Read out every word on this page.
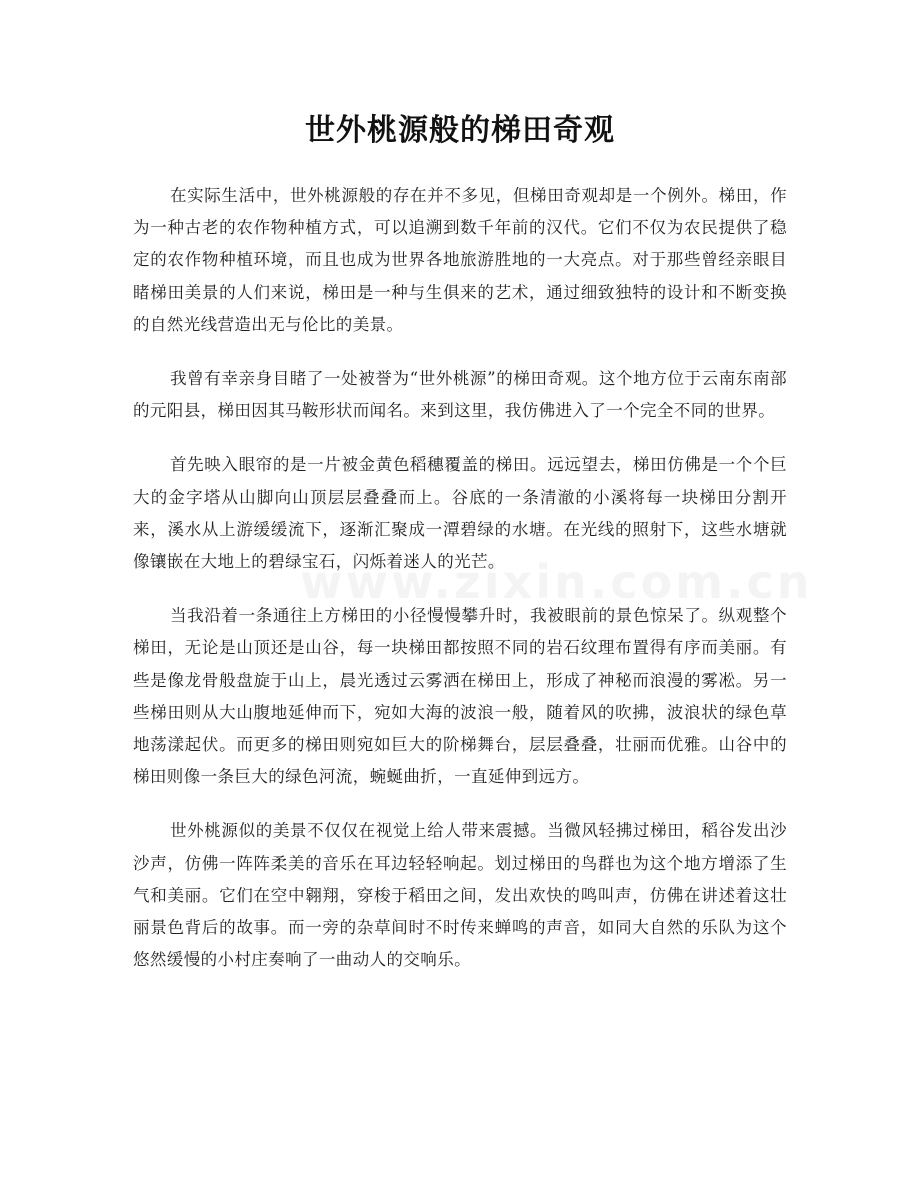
世外桃源般的梯田奇观

在实际生活中，世外桃源般的存在并不多见，但梯田奇观却是一个例外。梯田，作为一种古老的农作物种植方式，可以追溯到数千年前的汉代。它们不仅为农民提供了稳定的农作物种植环境，而且也成为世界各地旅游胜地的一大亮点。对于那些曾经亲眼目睹梯田美景的人们来说，梯田是一种与生俱来的艺术，通过细致独特的设计和不断变换的自然光线营造出无与伦比的美景。

我曾有幸亲身目睹了一处被誉为“世外桃源”的梯田奇观。这个地方位于云南东南部的元阳县，梯田因其马鞍形状而闻名。来到这里，我仿佛进入了一个完全不同的世界。

首先映入眼帘的是一片被金黄色稻穗覆盖的梯田。远远望去，梯田仿佛是一个个巨大的金字塔从山脚向山顶层层叠叠而上。谷底的一条清澈的小溪将每一块梯田分割开来，溪水从上游缓缓流下，逐渐汇聚成一潭碧绿的水塘。在光线的照射下，这些水塘就像镶嵌在大地上的碧绿宝石，闪烁着迷人的光芒。

当我沿着一条通往上方梯田的小径慢慢攀升时，我被眼前的景色惊呆了。纵观整个梯田，无论是山顶还是山谷，每一块梯田都按照不同的岩石纹理布置得有序而美丽。有些是像龙骨般盘旋于山上，晨光透过云雾洒在梯田上，形成了神秘而浪漫的雾凇。另一些梯田则从大山腹地延伸而下，宛如大海的波浪一般，随着风的吹拂，波浪状的绿色草地荡漾起伏。而更多的梯田则宛如巨大的阶梯舞台，层层叠叠，壮丽而优雅。山谷中的梯田则像一条巨大的绿色河流，蜿蜒曲折，一直延伸到远方。

世外桃源似的美景不仅仅在视觉上给人带来震撼。当微风轻拂过梯田，稻谷发出沙沙声，仿佛一阵阵柔美的音乐在耳边轻轻响起。划过梯田的鸟群也为这个地方增添了生气和美丽。它们在空中翱翔，穿梭于稻田之间，发出欢快的鸣叫声，仿佛在讲述着这壮丽景色背后的故事。而一旁的杂草间时不时传来蝉鸣的声音，如同大自然的乐队为这个悠然缓慢的小村庄奏响了一曲动人的交响乐。
